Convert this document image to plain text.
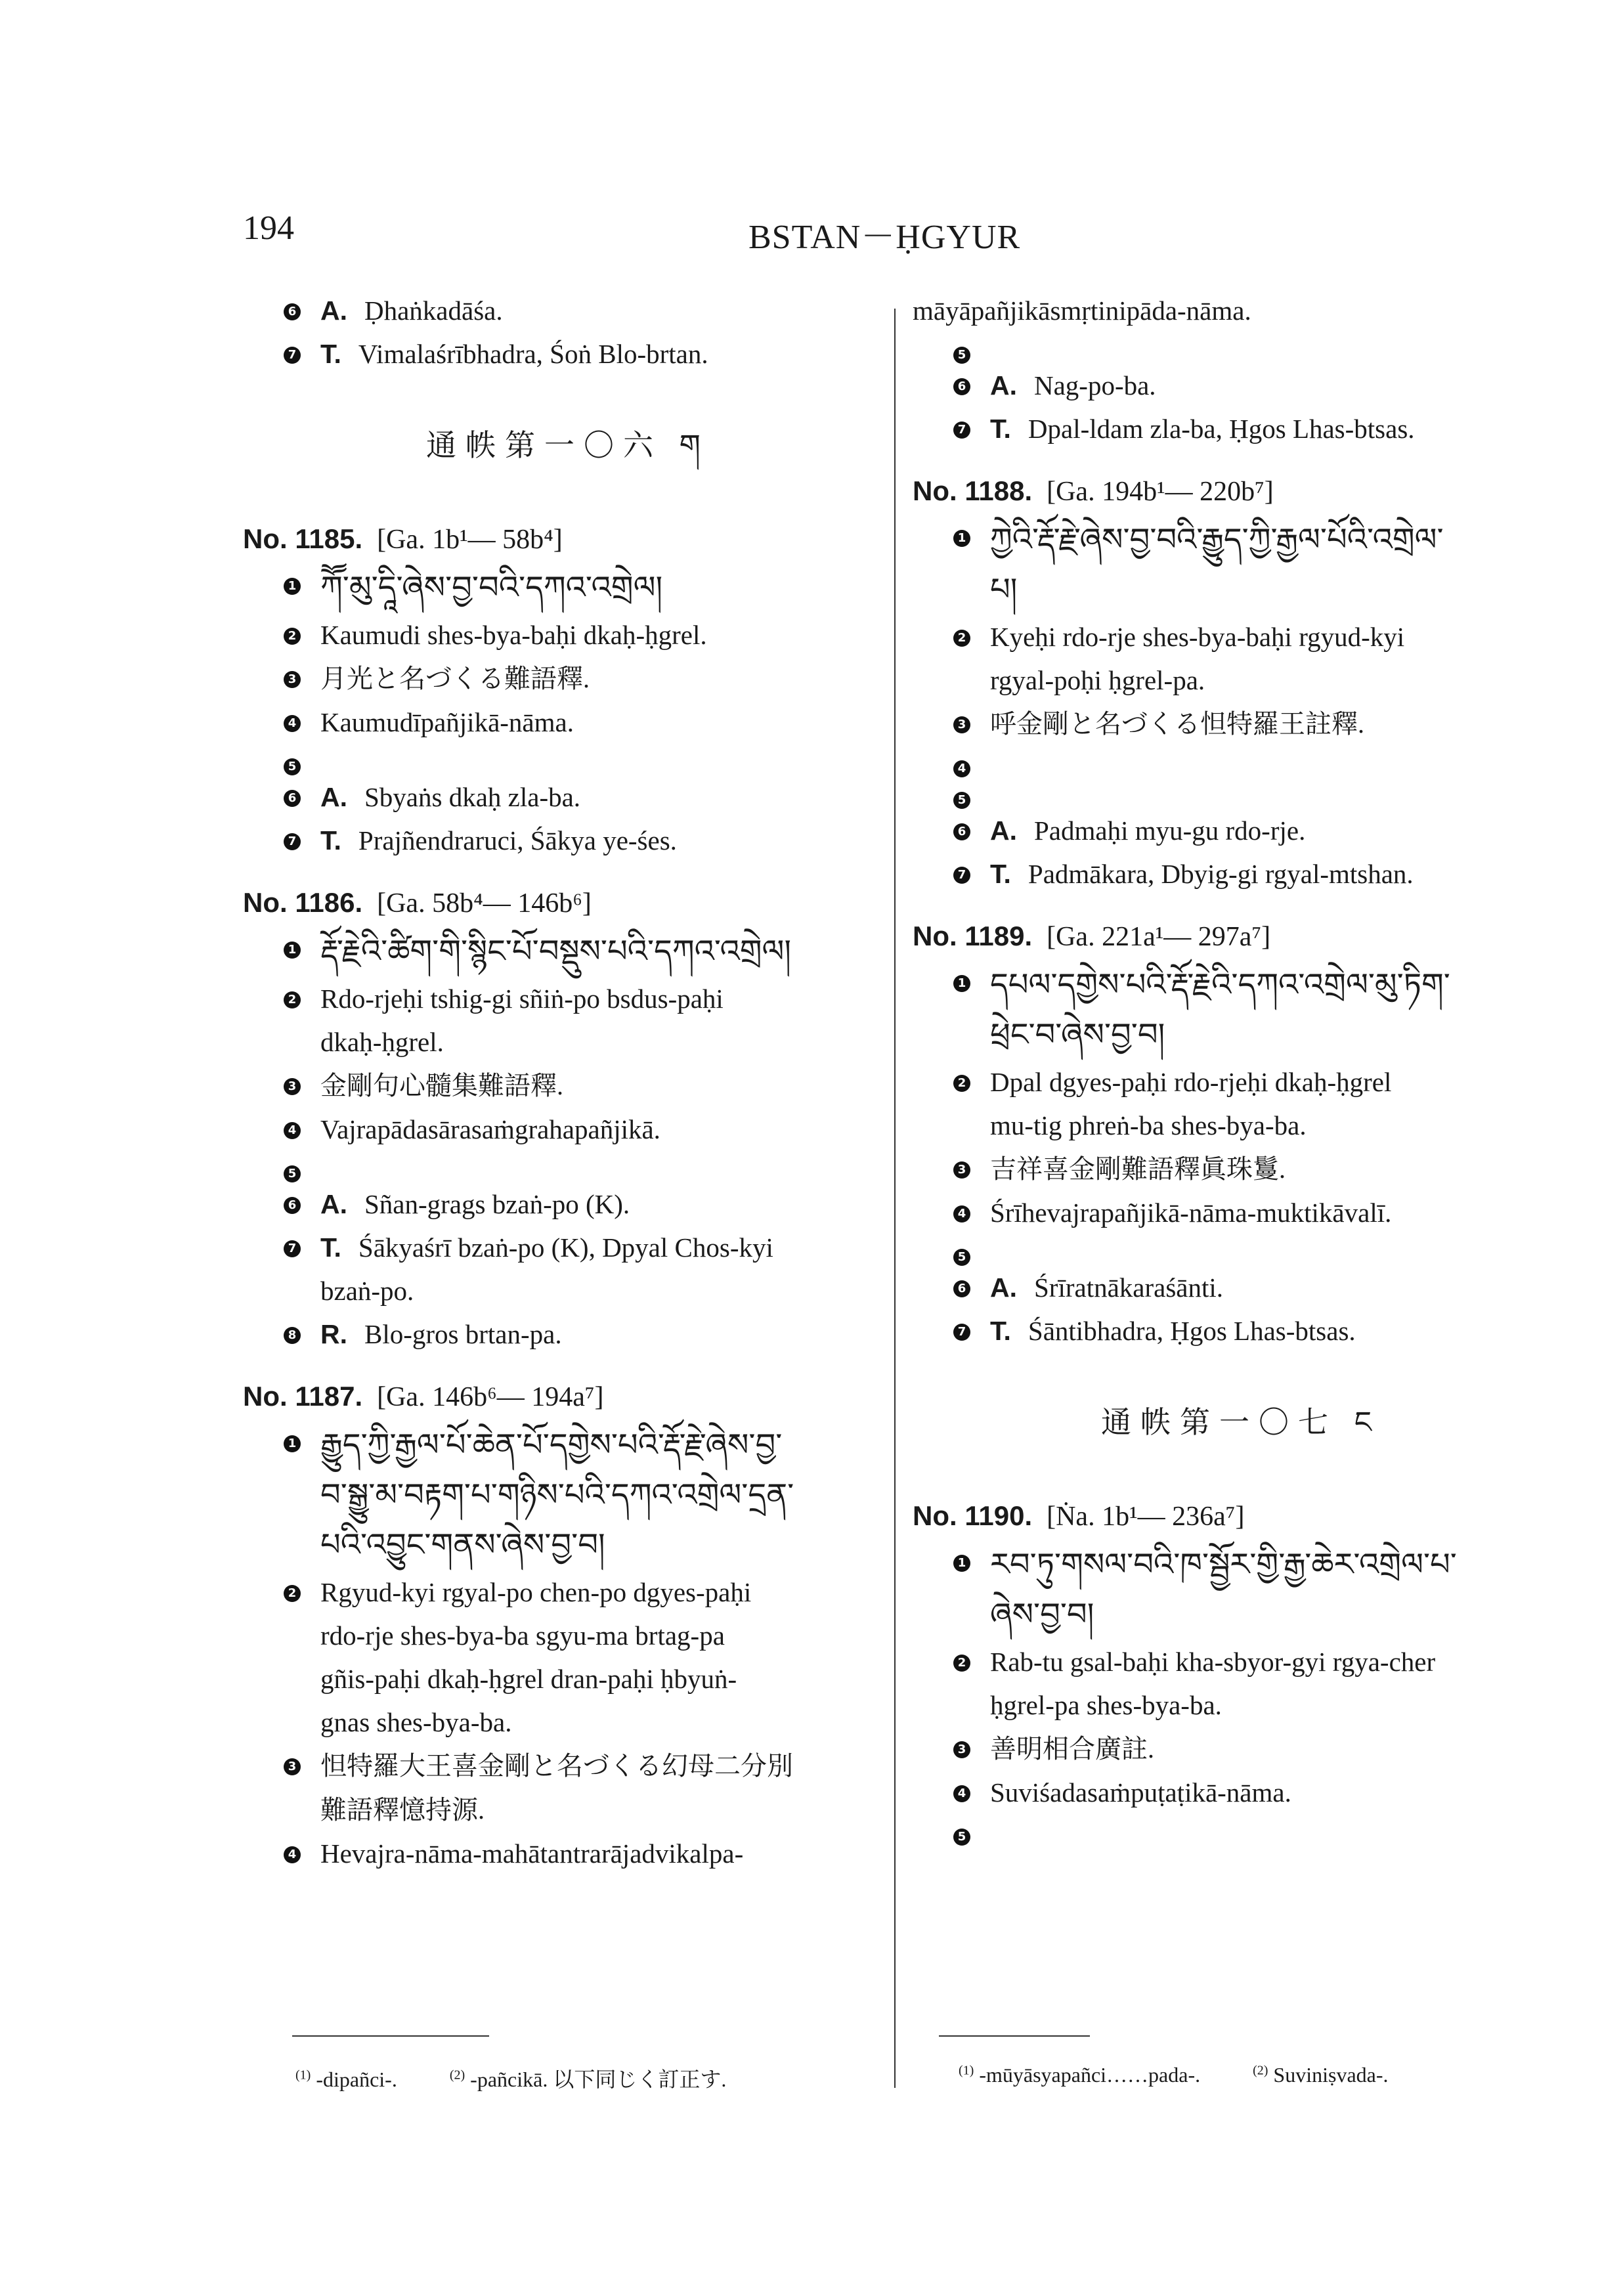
194	BSTAN－ḤGYUR
6 A. Ḍhaṅkadāśa.
7 T. Vimalaśrībhadra, Śoṅ Blo-brtan.
通帙第一〇六 ག
No. 1185. [Ga. 1b¹— 58b⁴]
1 ཀཽ་མུ་དཱི་ཞེས་བྱ་བའི་དཀའ་འགྲེལ།
2 Kaumudi shes-bya-baḥi dkaḥ-ḥgrel.
3 月光と名づくる難語釋.
4 Kaumudīpañjikā-nāma.
5
6 A. Sbyaṅs dkaḥ zla-ba.
7 T. Prajñendraruci, Śākya ye-śes.
No. 1186. [Ga. 58b⁴— 146b⁶]
1 རྡོ་རྗེའི་ཚིག་གི་སྙིང་པོ་བསྡུས་པའི་དཀའ་འགྲེལ།
2 Rdo-rjeḥi tshig-gi sñiṅ-po bsdus-paḥi
dkaḥ-ḥgrel.
3 金剛句心髓集難語釋.
4 Vajrapādasārasaṁgrahapañjikā.
5
6 A. Sñan-grags bzaṅ-po (K).
7 T. Śākyaśrī bzaṅ-po (K), Dpyal Chos-kyi
bzaṅ-po.
8 R. Blo-gros brtan-pa.
No. 1187. [Ga. 146b⁶— 194a⁷]
1 རྒྱུད་ཀྱི་རྒྱལ་པོ་ཆེན་པོ་དགྱེས་པའི་རྡོ་རྗེ་ཞེས་བྱ་
བ་སྒྱུ་མ་བརྟག་པ་གཉིས་པའི་དཀའ་འགྲེལ་དྲན་
པའི་འབྱུང་གནས་ཞེས་བྱ་བ།
2 Rgyud-kyi rgyal-po chen-po dgyes-paḥi
rdo-rje shes-bya-ba sgyu-ma brtag-pa
gñis-paḥi dkaḥ-ḥgrel dran-paḥi ḥbyuṅ-
gnas shes-bya-ba.
3 怛特羅大王喜金剛と名づくる幻母二分別
難語釋憶持源.
4 Hevajra-nāma-mahātantrarājadvikalpa-
māyāpañjikāsmṛtinipāda-nāma.
5
6 A. Nag-po-ba.
7 T. Dpal-ldam zla-ba, Ḥgos Lhas-btsas.
No. 1188. [Ga. 194b¹— 220b⁷]
1 ཀྱེའི་རྡོ་རྗེ་ཞེས་བྱ་བའི་རྒྱུད་ཀྱི་རྒྱལ་པོའི་འགྲེལ་
པ།
2 Kyeḥi rdo-rje shes-bya-baḥi rgyud-kyi
rgyal-poḥi ḥgrel-pa.
3 呼金剛と名づくる怛特羅王註釋.
4
5
6 A. Padmaḥi myu-gu rdo-rje.
7 T. Padmākara, Dbyig-gi rgyal-mtshan.
No. 1189. [Ga. 221a¹— 297a⁷]
1 དཔལ་དགྱེས་པའི་རྡོ་རྗེའི་དཀའ་འགྲེལ་མུ་ཏིག་
ཕྲེང་བ་ཞེས་བྱ་བ།
2 Dpal dgyes-paḥi rdo-rjeḥi dkaḥ-ḥgrel
mu-tig phreṅ-ba shes-bya-ba.
3 吉祥喜金剛難語釋眞珠鬘.
4 Śrīhevajrapañjikā-nāma-muktikāvalī.
5
6 A. Śrīratnākaraśānti.
7 T. Śāntibhadra, Ḥgos Lhas-btsas.
通帙第一〇七 ང
No. 1190. [Ṅa. 1b¹— 236a⁷]
1 རབ་ཏུ་གསལ་བའི་ཁ་སྦྱོར་གྱི་རྒྱ་ཆེར་འགྲེལ་པ་
ཞེས་བྱ་བ།
2 Rab-tu gsal-baḥi kha-sbyor-gyi rgya-cher
ḥgrel-pa shes-bya-ba.
3 善明相合廣註.
4 Suviśadasaṁpuṭaṭikā-nāma.
5
$^{(1)}$ -dipañci-.	$^{(2)}$ -pañcikā. 以下同じく訂正す.	$^{(1)}$ -mūyāsyapañci……pada-.	$^{(2)}$ Suviniṣvada-.
